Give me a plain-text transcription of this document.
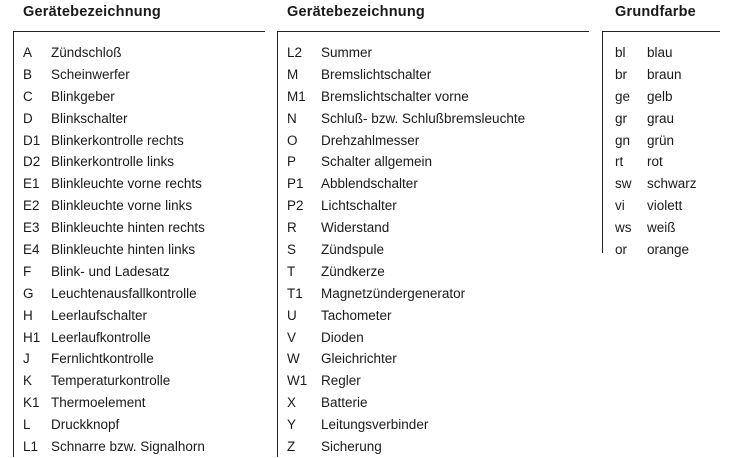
Gerätebezeichnung
A Zündschloß
B Scheinwerfer
C Blinkgeber
D Blinkschalter
D1 Blinkerkontrolle rechts
D2 Blinkerkontrolle links
E1 Blinkleuchte vorne rechts
E2 Blinkleuchte vorne links
E3 Blinkleuchte hinten rechts
E4 Blinkleuchte hinten links
F Blink- und Ladesatz
G Leuchtenausfallkontrolle
H Leerlaufschalter
H1 Leerlaufkontrolle
J Fernlichtkontrolle
K Temperaturkontrolle
K1 Thermoelement
L Druckknopf
L1 Schnarre bzw. Signalhorn
Gerätebezeichnung
L2 Summer
M Bremslichtschalter
M1 Bremslichtschalter vorne
N Schluß- bzw. Schlußbremsleuchte
O Drehzahlmesser
P Schalter allgemein
P1 Abblendschalter
P2 Lichtschalter
R Widerstand
S Zündspule
T Zündkerze
T1 Magnetzündergenerator
U Tachometer
V Dioden
W Gleichrichter
W1 Regler
X Batterie
Y Leitungsverbinder
Z Sicherung
Grundfarbe
bl blau
br braun
ge gelb
gr grau
gn grün
rt rot
sw schwarz
vi violett
ws weiß
or orange
